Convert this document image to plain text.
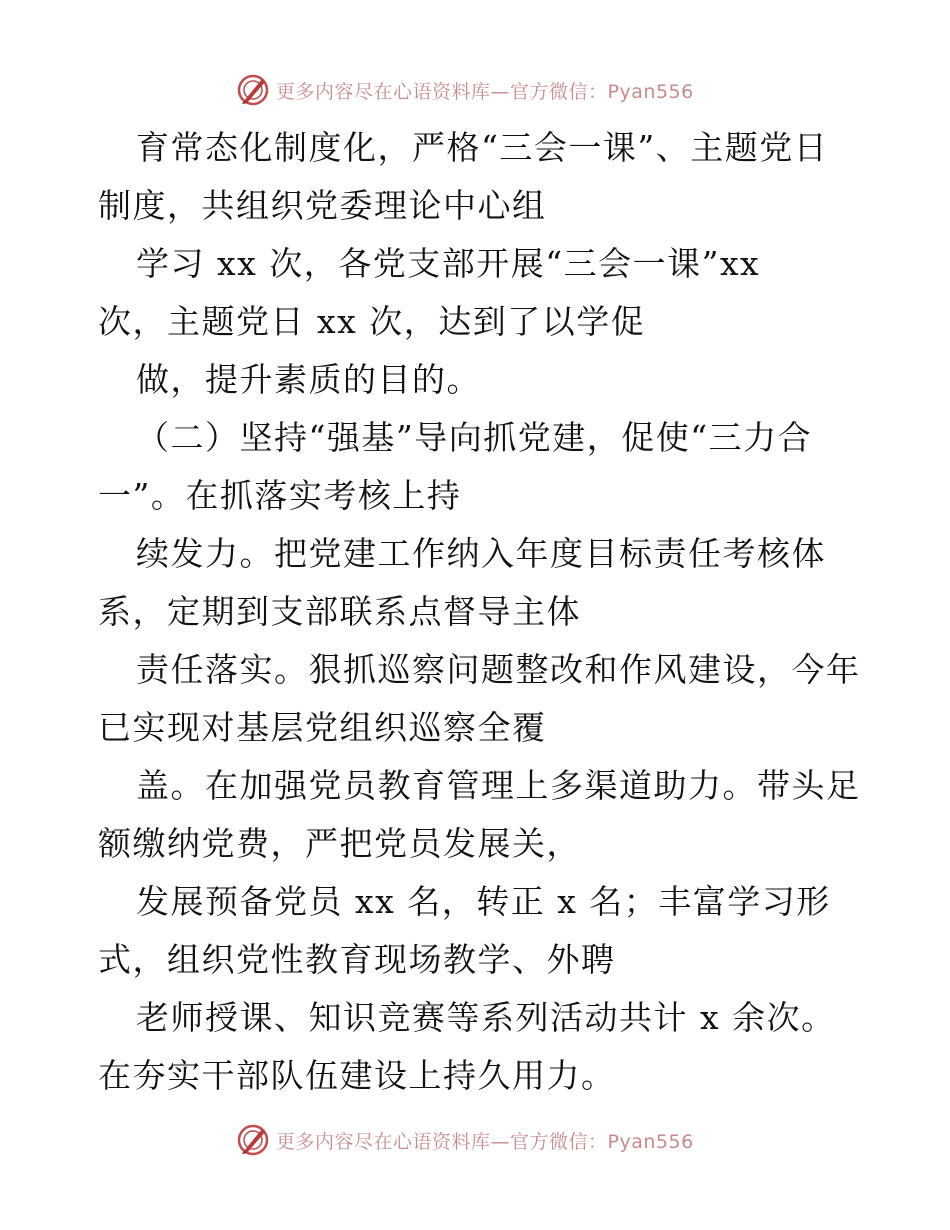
更多内容尽在心语资料库—官方微信：Pyan556
育常态化制度化，严格“三会一课”、主题党日
制度，共组织党委理论中心组
学习 xx 次，各党支部开展“三会一课”xx
次，主题党日 xx 次，达到了以学促
做，提升素质的目的。
（二）坚持“强基”导向抓党建，促使“三力合
一”。在抓落实考核上持
续发力。把党建工作纳入年度目标责任考核体
系，定期到支部联系点督导主体
责任落实。狠抓巡察问题整改和作风建设，今年
已实现对基层党组织巡察全覆
盖。在加强党员教育管理上多渠道助力。带头足
额缴纳党费，严把党员发展关，
发展预备党员 xx 名，转正 x 名；丰富学习形
式，组织党性教育现场教学、外聘
老师授课、知识竞赛等系列活动共计 x 余次。
在夯实干部队伍建设上持久用力。
更多内容尽在心语资料库—官方微信：Pyan556
